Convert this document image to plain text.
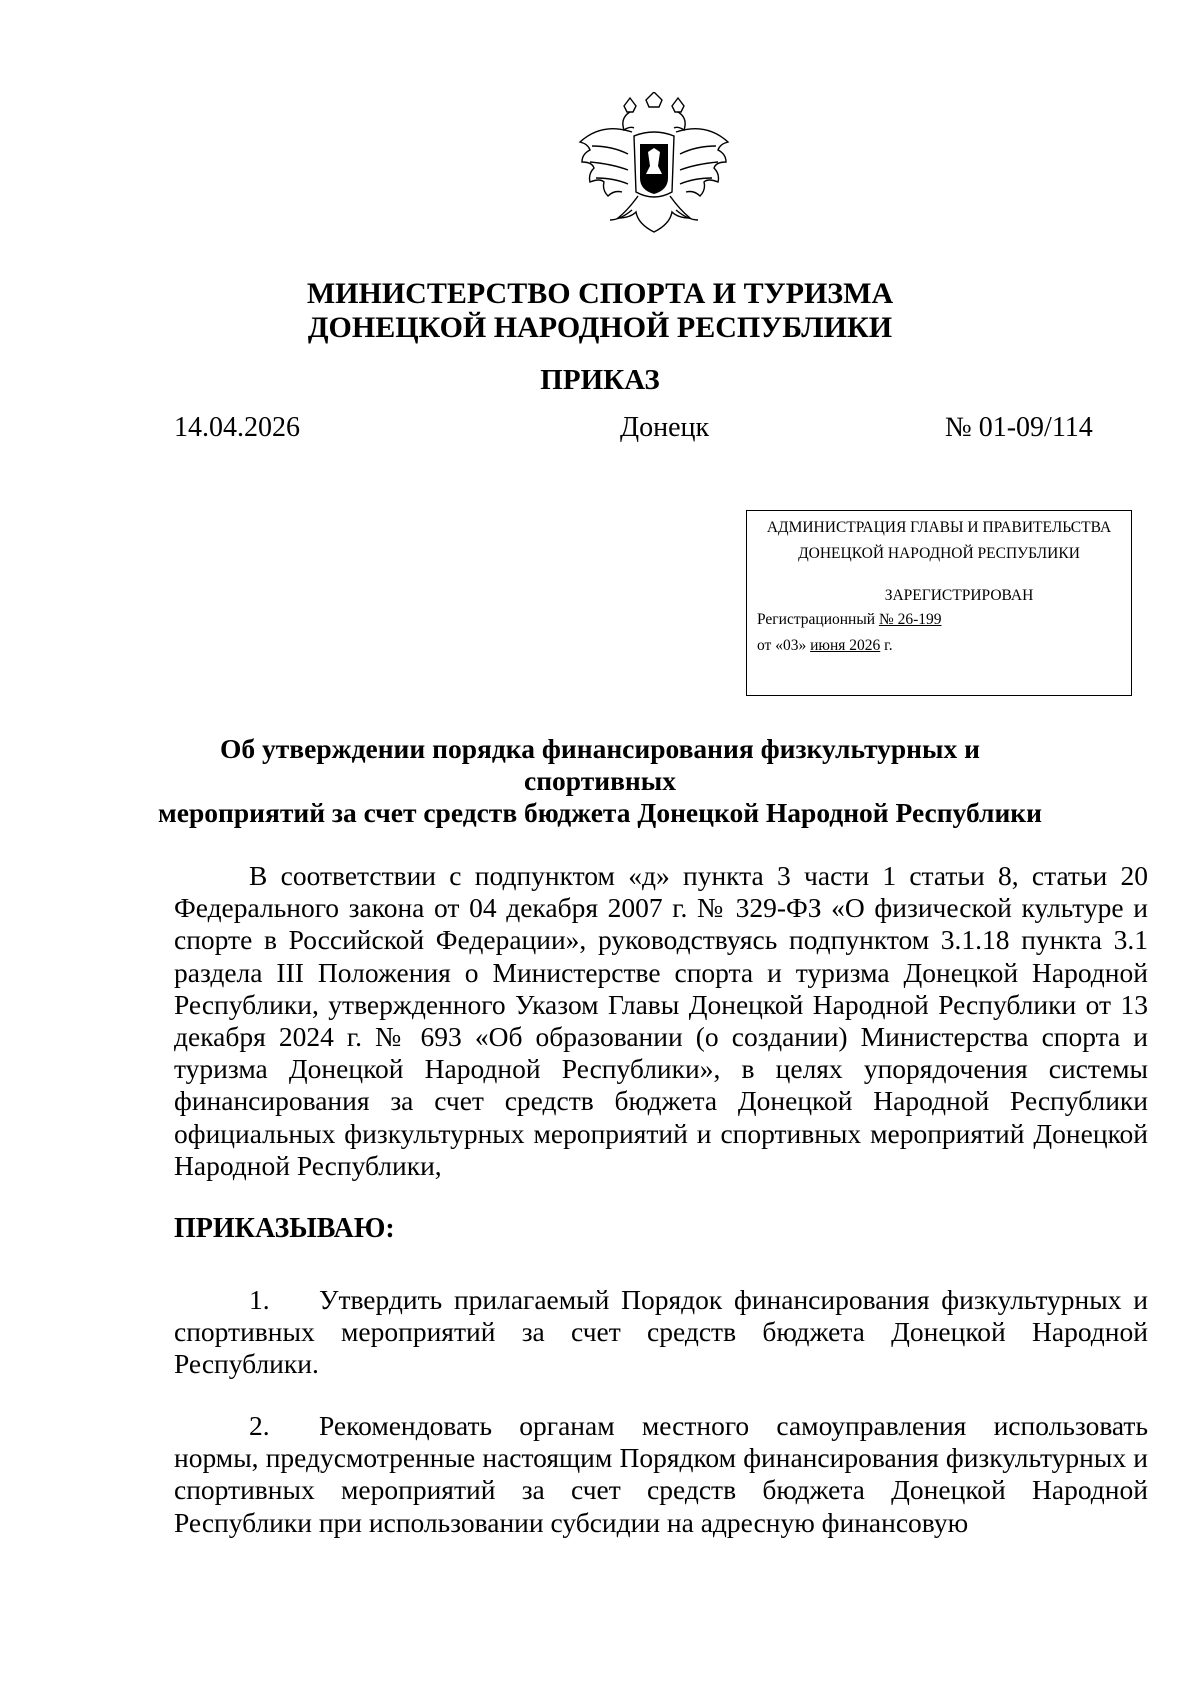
МИНИСТЕРСТВО СПОРТА И ТУРИЗМА
ДОНЕЦКОЙ НАРОДНОЙ РЕСПУБЛИКИ
ПРИКАЗ
14.04.2026	Донецк	№ 01-09/114
АДМИНИСТРАЦИЯ ГЛАВЫ И ПРАВИТЕЛЬСТВА
ДОНЕЦКОЙ НАРОДНОЙ РЕСПУБЛИКИ
ЗАРЕГИСТРИРОВАН
Регистрационный № 26-199
от «03» июня 2026 г.
Об утверждении порядка финансирования физкультурных и спортивных
мероприятий за счет средств бюджета Донецкой Народной Республики
В соответствии с подпунктом «д» пункта 3 части 1 статьи 8, статьи 20 Федерального закона от 04 декабря 2007 г. № 329-ФЗ «О физической культуре и спорте в Российской Федерации», руководствуясь подпунктом 3.1.18 пункта 3.1 раздела III Положения о Министерстве спорта и туризма Донецкой Народной Республики, утвержденного Указом Главы Донецкой Народной Республики от 13 декабря 2024 г. № 693 «Об образовании (о создании) Министерства спорта и туризма Донецкой Народной Республики», в целях упорядочения системы финансирования за счет средств бюджета Донецкой Народной Республики официальных физкультурных мероприятий и спортивных мероприятий Донецкой Народной Республики,
ПРИКАЗЫВАЮ:
1. Утвердить прилагаемый Порядок финансирования физкультурных и спортивных мероприятий за счет средств бюджета Донецкой Народной Республики.
2. Рекомендовать органам местного самоуправления использовать нормы, предусмотренные настоящим Порядком финансирования физкультурных и спортивных мероприятий за счет средств бюджета Донецкой Народной Республики при использовании субсидии на адресную финансовую
